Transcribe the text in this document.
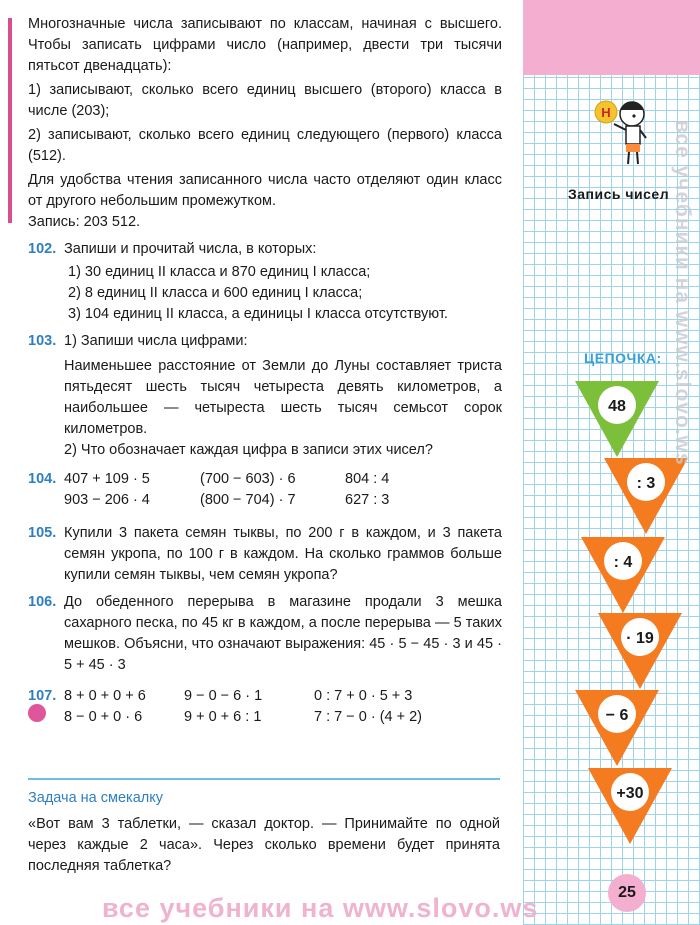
Многозначные числа записывают по классам, начиная с высшего. Чтобы записать цифрами число (например, двести три тысячи пятьсот двенадцать):

1) записывают, сколько всего единиц высшего (второго) класса в числе (203);

2) записывают, сколько всего единиц следующего (первого) класса (512).

Для удобства чтения записанного числа часто отделяют один класс от другого небольшим промежутком.

Запись: 203 512.

102. Запиши и прочитай числа, в которых:

1) 30 единиц II класса и 870 единиц I класса;

2) 8 единиц II класса и 600 единиц I класса;

3) 104 единиц II класса, а единицы I класса отсутствуют.

103. 1) Запиши числа цифрами:

Наименьшее расстояние от Земли до Луны составляет триста пятьдесят шесть тысяч четыреста девять километров, а наибольшее — четыреста шесть тысяч семьсот сорок километров.

2) Что обозначает каждая цифра в записи этих чисел?

104. 407 + 109 · 5	(700 − 603) · 6	804 : 4
903 − 206 · 4	(800 − 704) · 7	627 : 3
105. Купили 3 пакета семян тыквы, по 200 г в каждом, и 3 пакета семян укропа, по 100 г в каждом. На сколько граммов больше купили семян тыквы, чем семян укропа?

106. До обеденного перерыва в магазине продали 3 мешка сахарного песка, по 45 кг в каждом, а после перерыва — 5 таких мешков. Объясни, что означают выражения: 45 · 5 − 45 · 3 и 45 · 5 + 45 · 3

107. 8 + 0 + 0 + 6	9 − 0 − 6 · 1	0 : 7 + 0 · 5 + 3
8 − 0 + 0 · 6	9 + 0 + 6 : 1	7 : 7 − 0 · (4 + 2)
Задача на смекалку
«Вот вам 3 таблетки, — сказал доктор. — Принимайте по одной через каждые 2 часа». Через сколько времени будет принята последняя таблетка?
Н
Запись чисел
ЦЕПОЧКА:
48
: 3
: 4
· 19
− 6
+30
все учебники на www.slovo.ws
25
все учебники на www.slovo.ws
